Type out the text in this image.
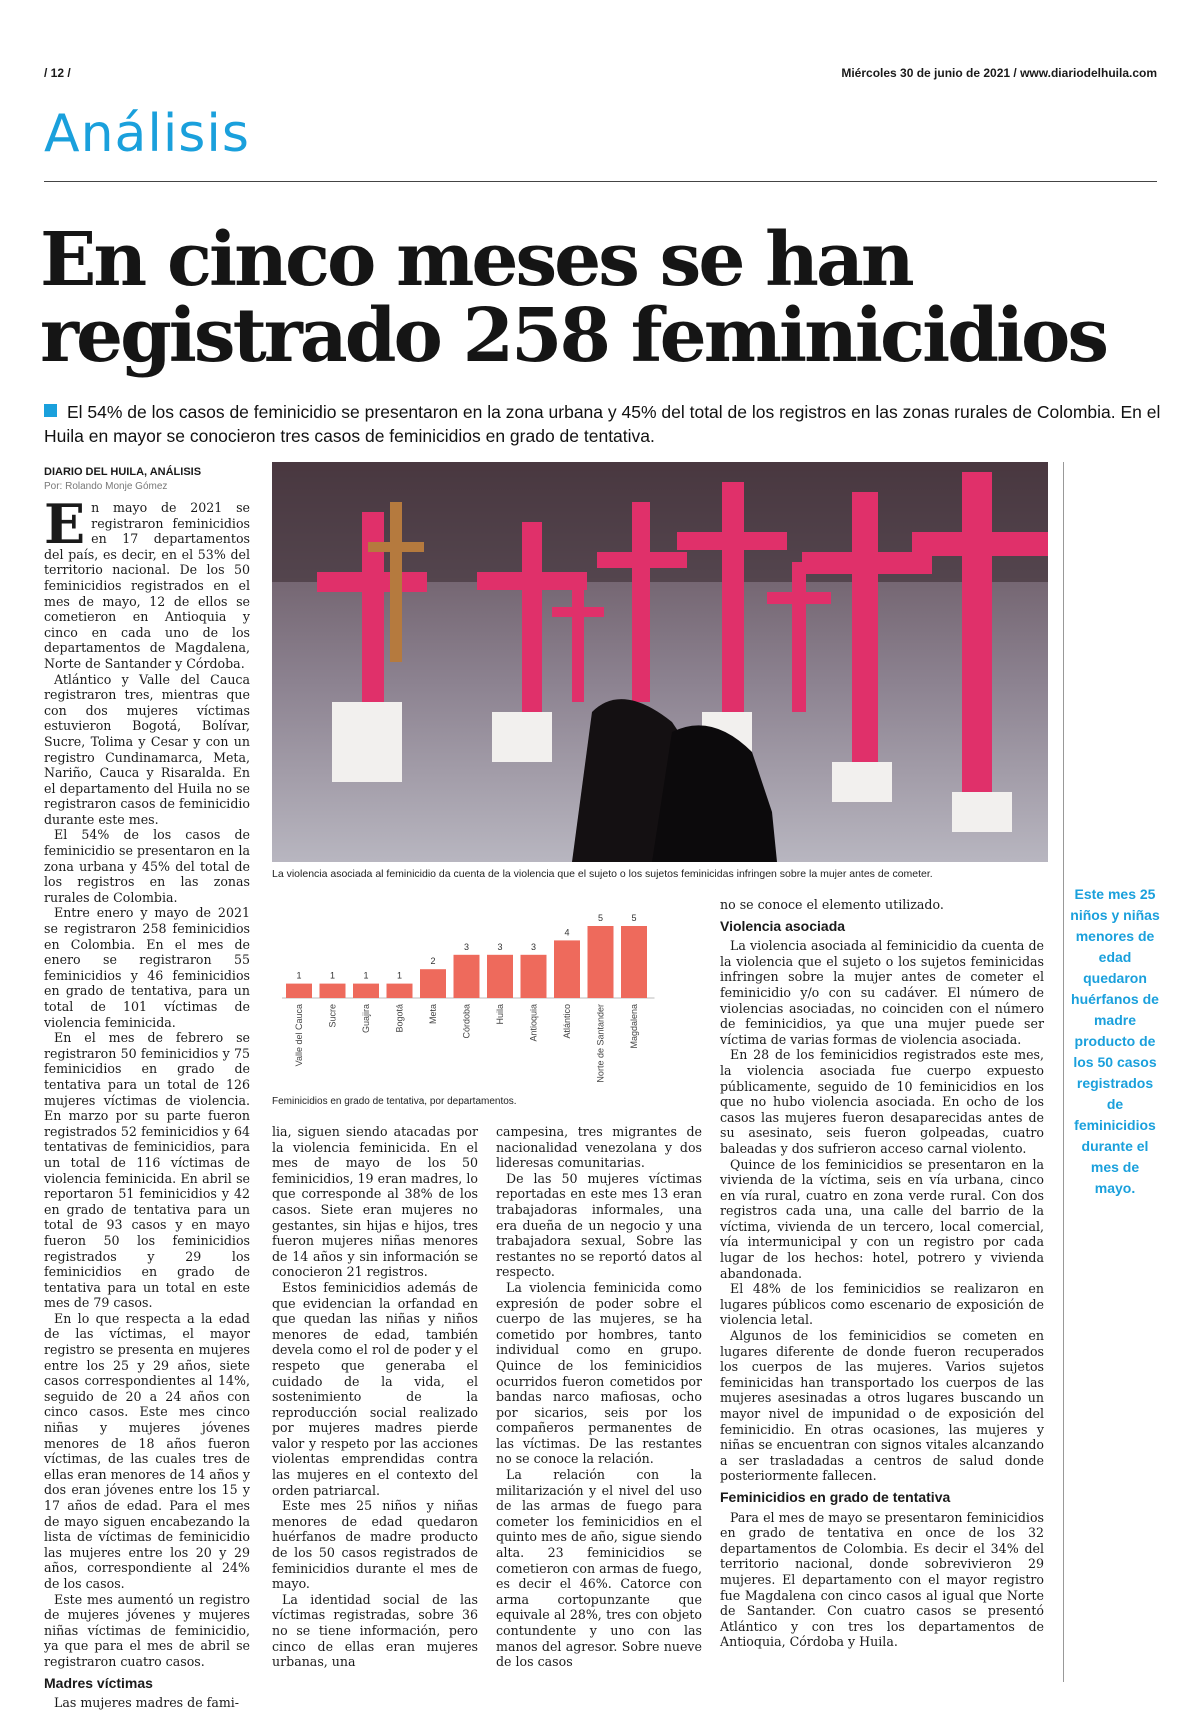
/ 12 /	Miércoles 30 de junio de 2021 / www.diariodelhuila.com
Análisis
En cinco meses se han
registrado 258 feminicidios
El 54% de los casos de feminicidio se presentaron en la zona urbana y 45% del total de los registros en las zonas rurales de Colombia. En el Huila en mayor se conocieron tres casos de feminicidios en grado de tentativa.
DIARIO DEL HUILA, ANÁLISIS
Por: Rolando Monje Gómez

En mayo de 2021 se registraron feminicidios en 17 departamentos del país, es decir, en el 53% del territorio nacional. De los 50 feminicidios registrados en el mes de mayo, 12 de ellos se cometieron en Antioquia y cinco en cada uno de los departamentos de Magdalena, Norte de Santander y Córdoba.

Atlántico y Valle del Cauca registraron tres, mientras que con dos mujeres víctimas estuvieron Bogotá, Bolívar, Sucre, Tolima y Cesar y con un registro Cundinamarca, Meta, Nariño, Cauca y Risaralda. En el departamento del Huila no se registraron casos de feminicidio durante este mes.

El 54% de los casos de feminicidio se presentaron en la zona urbana y 45% del total de los registros en las zonas rurales de Colombia.

Entre enero y mayo de 2021 se registraron 258 feminicidios en Colombia. En el mes de enero se registraron 55 feminicidios y 46 feminicidios en grado de tentativa, para un total de 101 víctimas de violencia feminicida.

En el mes de febrero se registraron 50 feminicidios y 75 feminicidios en grado de tentativa para un total de 126 mujeres víctimas de violencia. En marzo por su parte fueron registrados 52 feminicidios y 64 tentativas de feminicidios, para un total de 116 víctimas de violencia feminicida. En abril se reportaron 51 feminicidios y 42 en grado de tentativa para un total de 93 casos y en mayo fueron 50 los feminicidios registrados y 29 los feminicidios en grado de tentativa para un total en este mes de 79 casos.

En lo que respecta a la edad de las víctimas, el mayor registro se presenta en mujeres entre los 25 y 29 años, siete casos correspondientes al 14%, seguido de 20 a 24 años con cinco casos. Este mes cinco niñas y mujeres jóvenes menores de 18 años fueron víctimas, de las cuales tres de ellas eran menores de 14 años y dos eran jóvenes entre los 15 y 17 años de edad. Para el mes de mayo siguen encabezando la lista de víctimas de feminicidio las mujeres entre los 20 y 29 años, correspondiente al 24% de los casos.

Este mes aumentó un registro de mujeres jóvenes y mujeres niñas víctimas de feminicidio, ya que para el mes de abril se registraron cuatro casos.

Madres víctimas

Las mujeres madres de fami-

La violencia asociada al feminicidio da cuenta de la violencia que el sujeto o los sujetos feminicidas infringen sobre la mujer antes de cometer.
Este mes 25 niños y niñas menores de edad quedaron huérfanos de madre producto de los 50 casos registrados de feminicidios durante el mes de mayo.
1
Valle del Cauca
1
Sucre
1
Guajira
1
Bogotá
2
Meta
3
Córdoba
3
Huila
3
Antioquia
4
Atlántico
5
Norte de Santander
5
Magdalena
Feminicidios en grado de tentativa, por departamentos.

lia, siguen siendo atacadas por la violencia feminicida. En el mes de mayo de los 50 feminicidios, 19 eran madres, lo que corresponde al 38% de los casos. Siete eran mujeres no gestantes, sin hijas e hijos, tres fueron mujeres niñas menores de 14 años y sin información se conocieron 21 registros.

Estos feminicidios además de que evidencian la orfandad en que quedan las niñas y niños menores de edad, también devela como el rol de poder y el respeto que generaba el cuidado de la vida, el sostenimiento de la reproducción social realizado por mujeres madres pierde valor y respeto por las acciones violentas emprendidas contra las mujeres en el contexto del orden patriarcal.

Este mes 25 niños y niñas menores de edad quedaron huérfanos de madre producto de los 50 casos registrados de feminicidios durante el mes de mayo.

La identidad social de las víctimas registradas, sobre 36 no se tiene información, pero cinco de ellas eran mujeres urbanas, una

campesina, tres migrantes de nacionalidad venezolana y dos lideresas comunitarias.

De las 50 mujeres víctimas reportadas en este mes 13 eran trabajadoras informales, una era dueña de un negocio y una trabajadora sexual, Sobre las restantes no se reportó datos al respecto.

La violencia feminicida como expresión de poder sobre el cuerpo de las mujeres, se ha cometido por hombres, tanto individual como en grupo. Quince de los feminicidios ocurridos fueron cometidos por bandas narco mafiosas, ocho por sicarios, seis por los compañeros permanentes de las víctimas. De las restantes no se conoce la relación.

La relación con la militarización y el nivel del uso de las armas de fuego para cometer los feminicidios en el quinto mes de año, sigue siendo alta. 23 feminicidios se cometieron con armas de fuego, es decir el 46%. Catorce con arma cortopunzante que equivale al 28%, tres con objeto contundente y uno con las manos del agresor. Sobre nueve de los casos

no se conoce el elemento utilizado.

Violencia asociada

La violencia asociada al feminicidio da cuenta de la violencia que el sujeto o los sujetos feminicidas infringen sobre la mujer antes de cometer el feminicidio y/o con su cadáver. El número de violencias asociadas, no coinciden con el número de feminicidios, ya que una mujer puede ser víctima de varias formas de violencia asociada.

En 28 de los feminicidios registrados este mes, la violencia asociada fue cuerpo expuesto públicamente, seguido de 10 feminicidios en los que no hubo violencia asociada. En ocho de los casos las mujeres fueron desaparecidas antes de su asesinato, seis fueron golpeadas, cuatro baleadas y dos sufrieron acceso carnal violento.

Quince de los feminicidios se presentaron en la vivienda de la víctima, seis en vía urbana, cinco en vía rural, cuatro en zona verde rural. Con dos registros cada una, una calle del barrio de la víctima, vivienda de un tercero, local comercial, vía intermunicipal y con un registro por cada lugar de los hechos: hotel, potrero y vivienda abandonada.

El 48% de los feminicidios se realizaron en lugares públicos como escenario de exposición de violencia letal.

Algunos de los feminicidios se cometen en lugares diferente de donde fueron recuperados los cuerpos de las mujeres. Varios sujetos feminicidas han transportado los cuerpos de las mujeres asesinadas a otros lugares buscando un mayor nivel de impunidad o de exposición del feminicidio. En otras ocasiones, las mujeres y niñas se encuentran con signos vitales alcanzando a ser trasladadas a centros de salud donde posteriormente fallecen.

Feminicidios en grado de tentativa

Para el mes de mayo se presentaron feminicidios en grado de tentativa en once de los 32 departamentos de Colombia. Es decir el 34% del territorio nacional, donde sobrevivieron 29 mujeres. El departamento con el mayor registro fue Magdalena con cinco casos al igual que Norte de Santander. Con cuatro casos se presentó Atlántico y con tres los departamentos de Antioquia, Córdoba y Huila.
